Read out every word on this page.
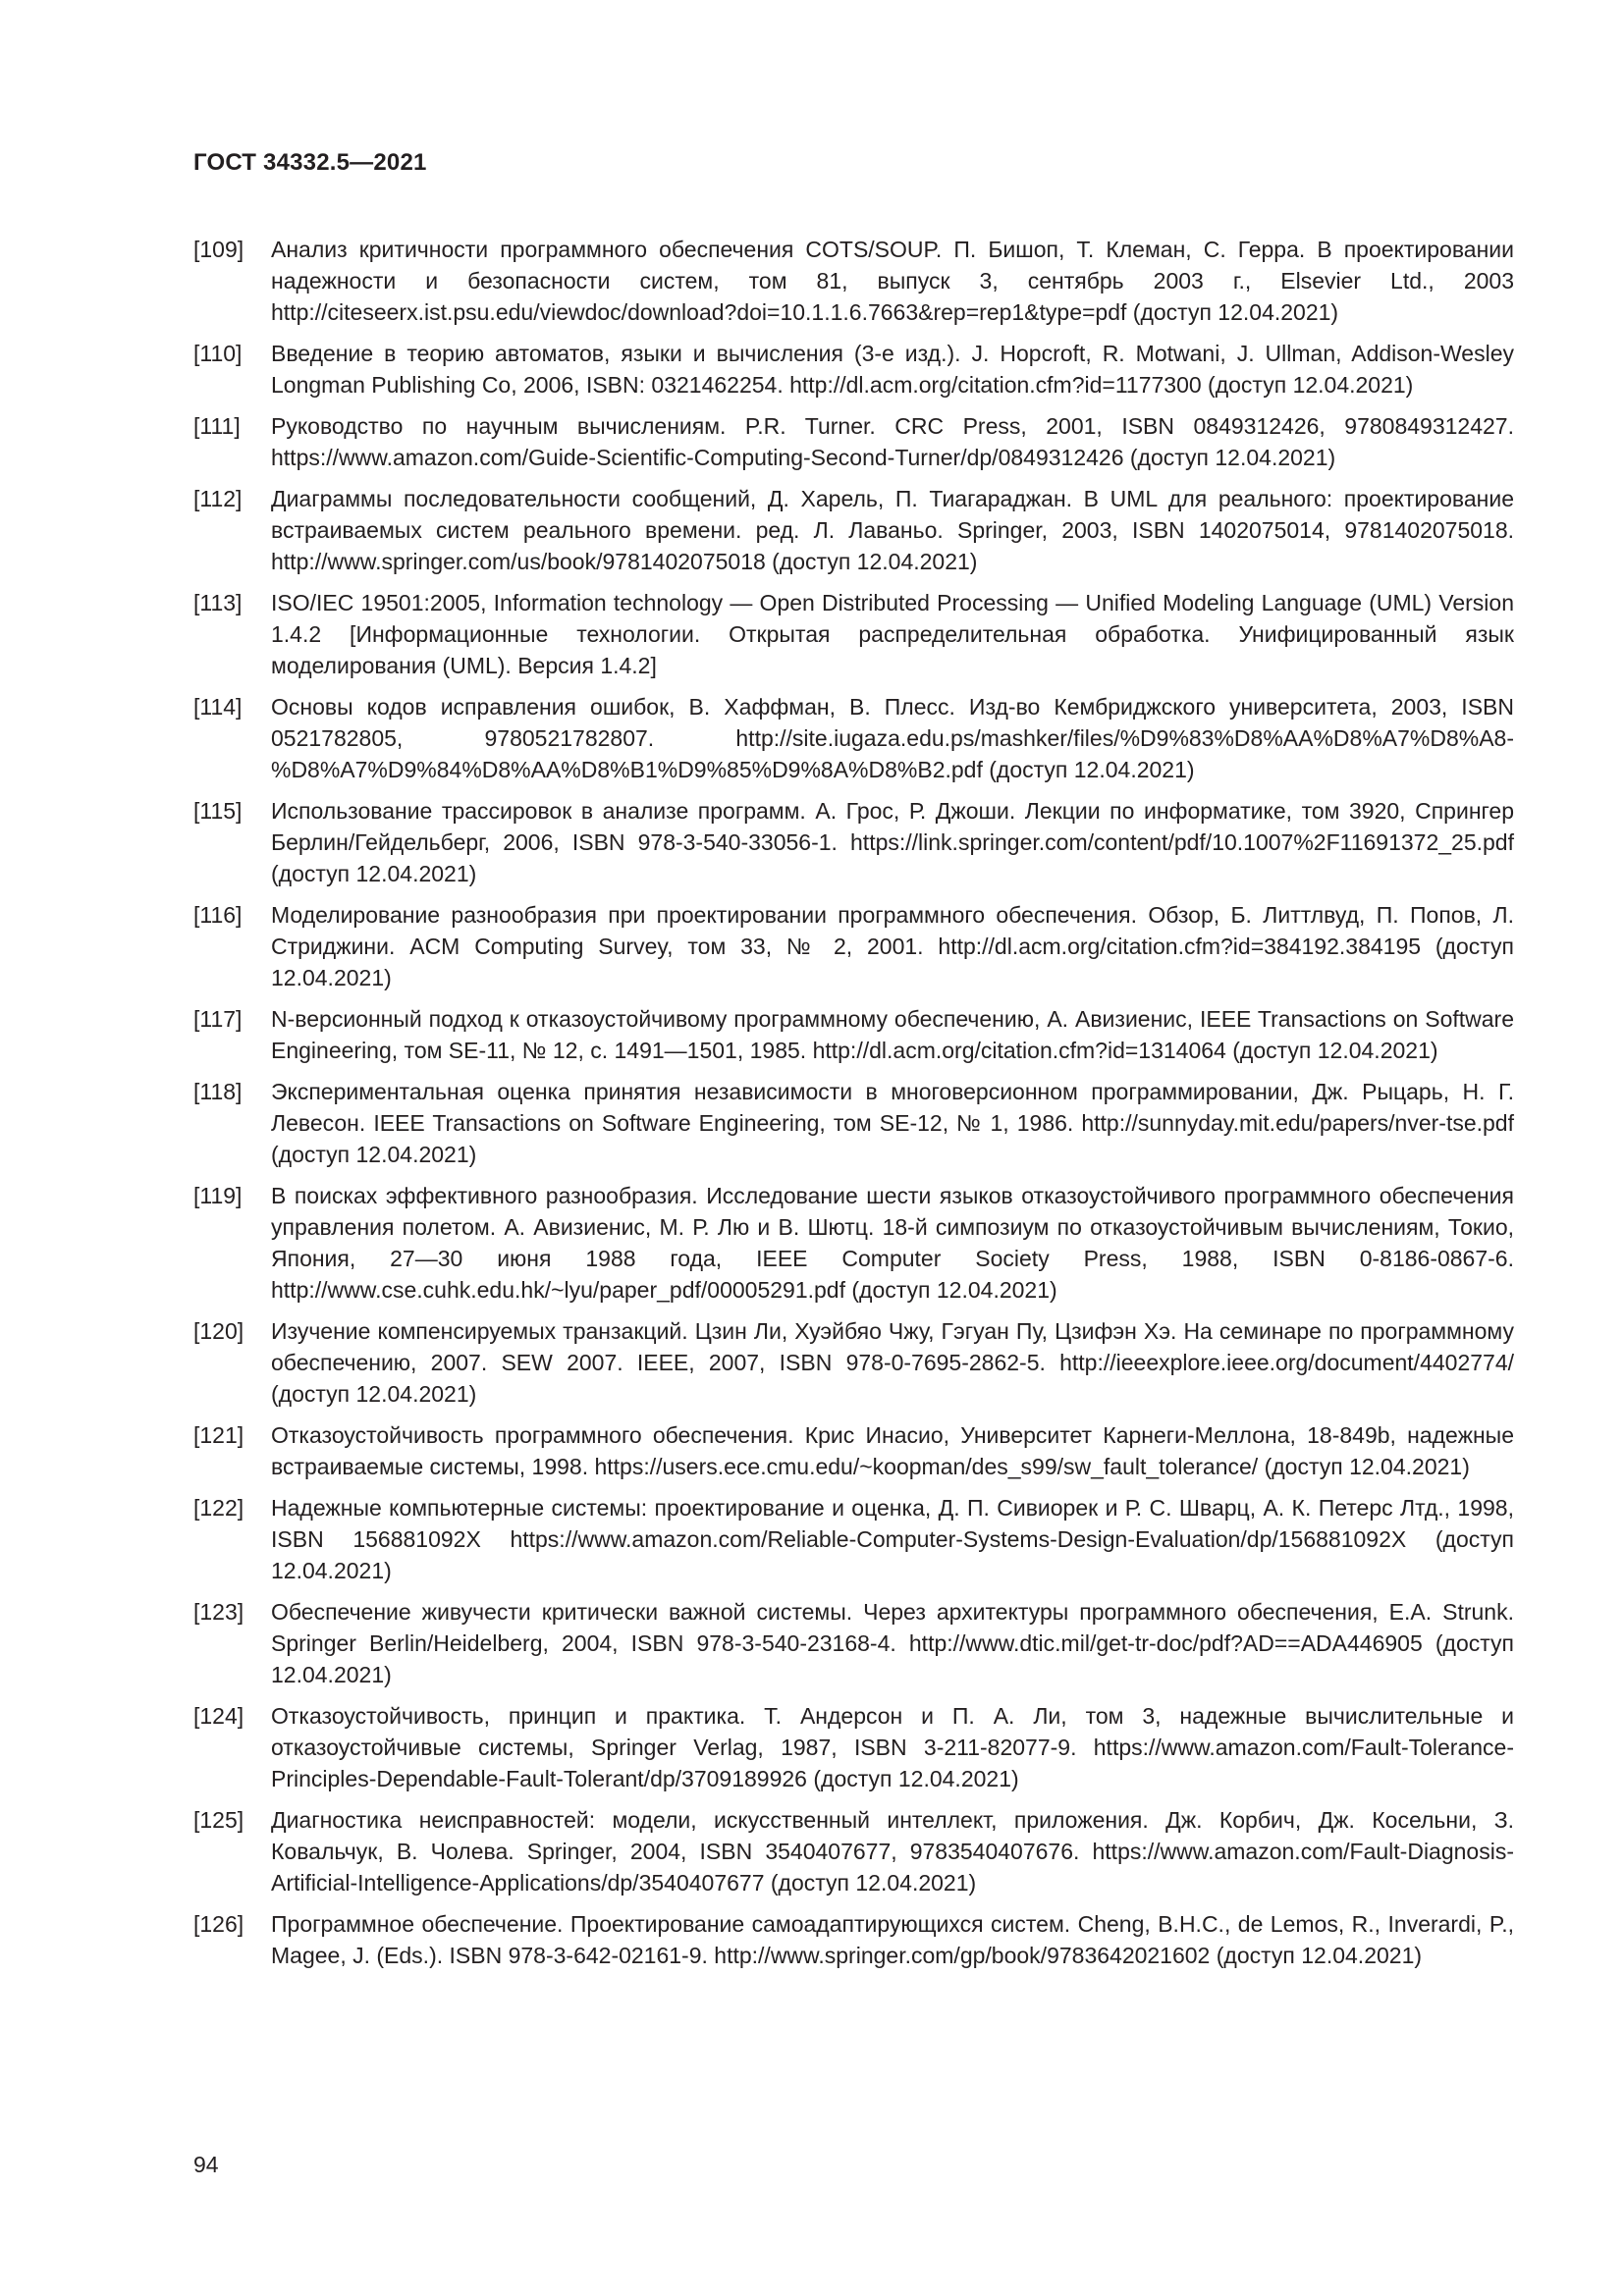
ГОСТ 34332.5—2021
[109]	Анализ критичности программного обеспечения COTS/SOUP. П. Бишоп, Т. Клеман, С. Герра. В проектировании надежности и безопасности систем, том 81, выпуск 3, сентябрь 2003 г., Elsevier Ltd., 2003 http://citeseerx.ist.psu.edu/viewdoc/download?doi=10.1.1.6.7663&rep=rep1&type=pdf (доступ 12.04.2021)
[110]	Введение в теорию автоматов, языки и вычисления (3-е изд.). J. Hopcroft, R. Motwani, J. Ullman, Addison-Wesley Longman Publishing Co, 2006, ISBN: 0321462254. http://dl.acm.org/citation.cfm?id=1177300 (доступ 12.04.2021)
[111]	Руководство по научным вычислениям. P.R. Turner. CRC Press, 2001, ISBN 0849312426, 9780849312427. https://www.amazon.com/Guide-Scientific-Computing-Second-Turner/dp/0849312426 (доступ 12.04.2021)
[112]	Диаграммы последовательности сообщений, Д. Харель, П. Тиагараджан. В UML для реального: проектирование встраиваемых систем реального времени. ред. Л. Лаваньо. Springer, 2003, ISBN 1402075014, 9781402075018. http://www.springer.com/us/book/9781402075018 (доступ 12.04.2021)
[113]	ISO/IEC 19501:2005, Information technology — Open Distributed Processing — Unified Modeling Language (UML) Version 1.4.2 [Информационные технологии. Открытая распределительная обработка. Унифицированный язык моделирования (UML). Версия 1.4.2]
[114]	Основы кодов исправления ошибок, В. Хаффман, В. Плесс. Изд-во Кембриджского университета, 2003, ISBN 0521782805, 9780521782807. http://site.iugaza.edu.ps/mashker/files/%D9%83%D8%AA%D8%A7%D8%A8-%D8%A7%D9%84%D8%AA%D8%B1%D9%85%D9%8A%D8%B2.pdf (доступ 12.04.2021)
[115]	Использование трассировок в анализе программ. А. Грос, Р. Джоши. Лекции по информатике, том 3920, Спрингер Берлин/Гейдельберг, 2006, ISBN 978-3-540-33056-1. https://link.springer.com/content/pdf/10.1007%2F11691372_25.pdf (доступ 12.04.2021)
[116]	Моделирование разнообразия при проектировании программного обеспечения. Обзор, Б. Литтлвуд, П. Попов, Л. Стриджини. ACM Computing Survey, том 33, № 2, 2001. http://dl.acm.org/citation.cfm?id=384192.384195 (доступ 12.04.2021)
[117]	N-версионный подход к отказоустойчивому программному обеспечению, А. Авизиенис, IEEE Transactions on Software Engineering, том SE-11, № 12, с. 1491—1501, 1985. http://dl.acm.org/citation.cfm?id=1314064 (доступ 12.04.2021)
[118]	Экспериментальная оценка принятия независимости в многоверсионном программировании, Дж. Рыцарь, Н. Г. Левесон. IEEE Transactions on Software Engineering, том SE-12, № 1, 1986. http://sunnyday.mit.edu/papers/nver-tse.pdf (доступ 12.04.2021)
[119]	В поисках эффективного разнообразия. Исследование шести языков отказоустойчивого программного обеспечения управления полетом. А. Авизиенис, М. Р. Лю и В. Шютц. 18-й симпозиум по отказоустойчивым вычислениям, Токио, Япония, 27—30 июня 1988 года, IEEE Computer Society Press, 1988, ISBN 0-8186-0867-6. http://www.cse.cuhk.edu.hk/~lyu/paper_pdf/00005291.pdf (доступ 12.04.2021)
[120]	Изучение компенсируемых транзакций. Цзин Ли, Хуэйбяо Чжу, Гэгуан Пу, Цзифэн Хэ. На семинаре по программному обеспечению, 2007. SEW 2007. IEEE, 2007, ISBN 978-0-7695-2862-5. http://ieeexplore.ieee.org/document/4402774/ (доступ 12.04.2021)
[121]	Отказоустойчивость программного обеспечения. Крис Инасио, Университет Карнеги-Меллона, 18-849b, надежные встраиваемые системы, 1998. https://users.ece.cmu.edu/~koopman/des_s99/sw_fault_tolerance/ (доступ 12.04.2021)
[122]	Надежные компьютерные системы: проектирование и оценка, Д. П. Сивиорек и Р. С. Шварц, А. К. Петерс Лтд., 1998, ISBN 156881092X https://www.amazon.com/Reliable-Computer-Systems-Design-Evaluation/dp/156881092X (доступ 12.04.2021)
[123]	Обеспечение живучести критически важной системы. Через архитектуры программного обеспечения, E.A. Strunk. Springer Berlin/Heidelberg, 2004, ISBN 978-3-540-23168-4. http://www.dtic.mil/get-tr-doc/pdf?AD==ADA446905 (доступ 12.04.2021)
[124]	Отказоустойчивость, принцип и практика. Т. Андерсон и П. А. Ли, том 3, надежные вычислительные и отказоустойчивые системы, Springer Verlag, 1987, ISBN 3-211-82077-9. https://www.amazon.com/Fault-Tolerance-Principles-Dependable-Fault-Tolerant/dp/3709189926 (доступ 12.04.2021)
[125]	Диагностика неисправностей: модели, искусственный интеллект, приложения. Дж. Корбич, Дж. Косельни, З. Ковальчук, В. Чолева. Springer, 2004, ISBN 3540407677, 9783540407676. https://www.amazon.com/Fault-Diagnosis-Artificial-Intelligence-Applications/dp/3540407677 (доступ 12.04.2021)
[126]	Программное обеспечение. Проектирование самоадаптирующихся систем. Cheng, B.H.C., de Lemos, R., Inverardi, P., Magee, J. (Eds.). ISBN 978-3-642-02161-9. http://www.springer.com/gp/book/9783642021602 (доступ 12.04.2021)
94
